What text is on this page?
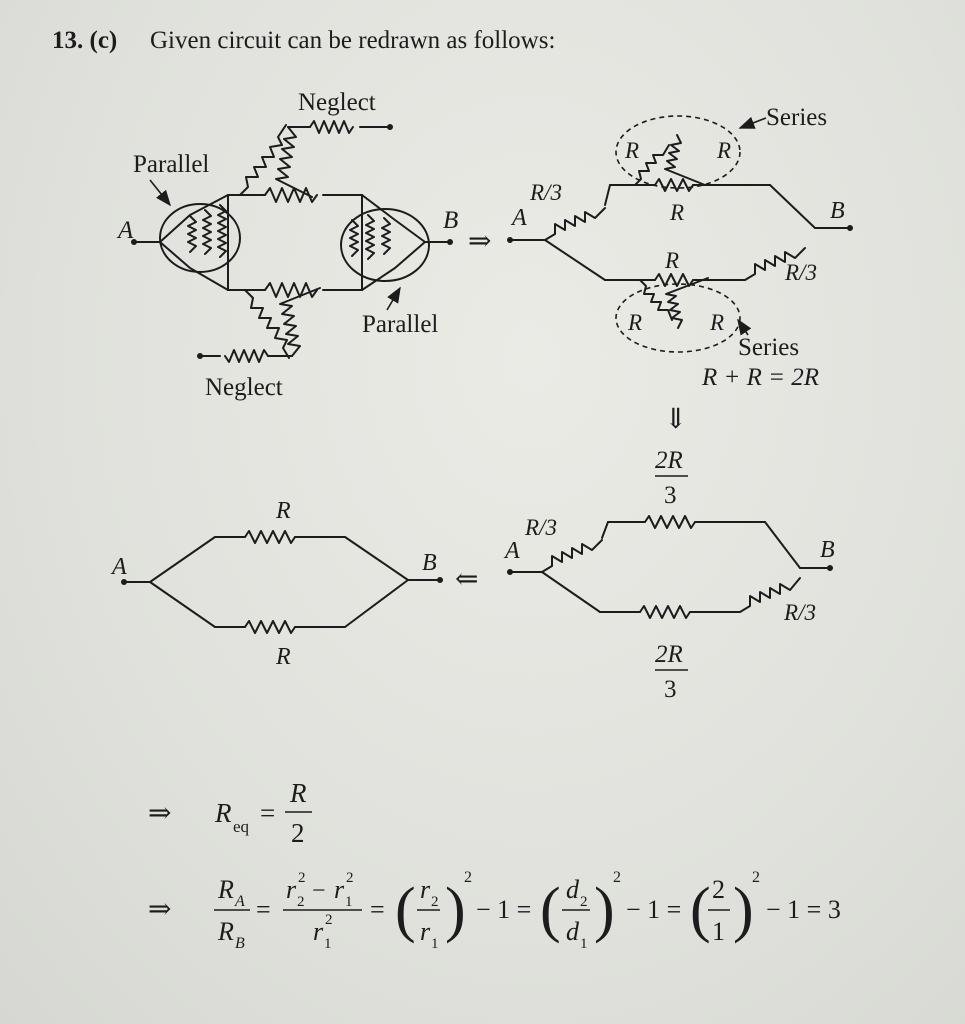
13. (c) Given circuit can be redrawn as follows:
Neglect
Neglect
Parallel
Parallel
A	B
⇒
A	B
R/3
R/3
R
R
R	R
R	R
Series
Series
R + R = 2R
⇓
2R
3
R/3
R/3
A	B
2R
3
⇐
A	B
R
R
⇒ R eq =
R
2
⇒
R A
R B
=
r 2
2 − r 1
2
r 1
2 = ( r 2
r 1 )
2
− 1 = ( d 2
d 1 )
2
− 1 = ( 2
1 )
2
− 1 = 3
